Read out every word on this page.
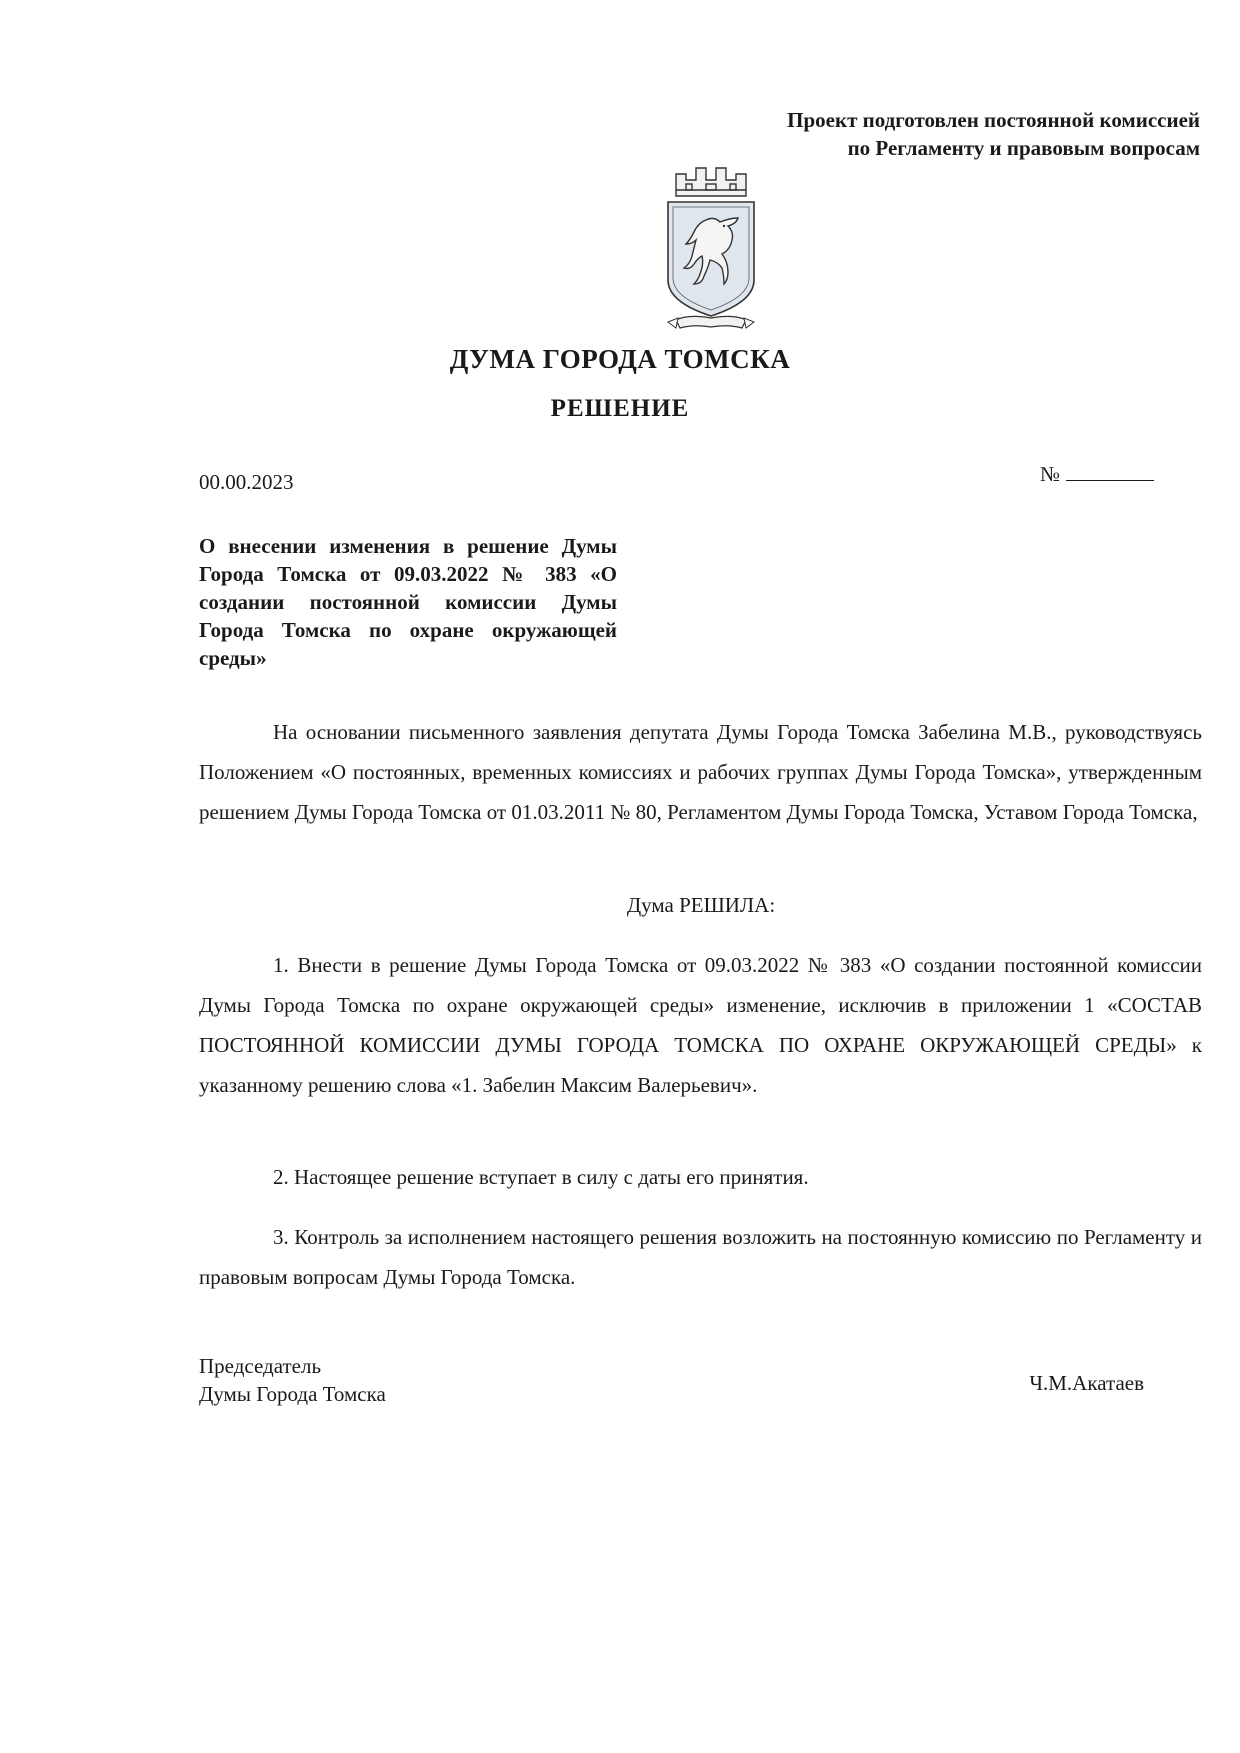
Проект подготовлен постоянной комиссией
по Регламенту и правовым вопросам
ДУМА ГОРОДА ТОМСКА
РЕШЕНИЕ
00.00.2023	№
О внесении изменения в решение Думы Города Томска от 09.03.2022 № 383 «О создании постоянной комиссии Думы Города Томска по охране окружающей среды»
На основании письменного заявления депутата Думы Города Томска Забелина М.В., руководствуясь Положением «О постоянных, временных комиссиях и рабочих группах Думы Города Томска», утвержденным решением Думы Города Томска от 01.03.2011 № 80, Регламентом Думы Города Томска, Уставом Города Томска,
Дума РЕШИЛА:
1. Внести в решение Думы Города Томска от 09.03.2022 № 383 «О создании постоянной комиссии Думы Города Томска по охране окружающей среды» изменение, исключив в приложении 1 «СОСТАВ ПОСТОЯННОЙ КОМИССИИ ДУМЫ ГОРОДА ТОМСКА ПО ОХРАНЕ ОКРУЖАЮЩЕЙ СРЕДЫ» к указанному решению слова «1. Забелин Максим Валерьевич».
2. Настоящее решение вступает в силу с даты его принятия.
3. Контроль за исполнением настоящего решения возложить на постоянную комиссию по Регламенту и правовым вопросам Думы Города Томска.
Председатель
Думы Города Томска	Ч.М.Акатаев
